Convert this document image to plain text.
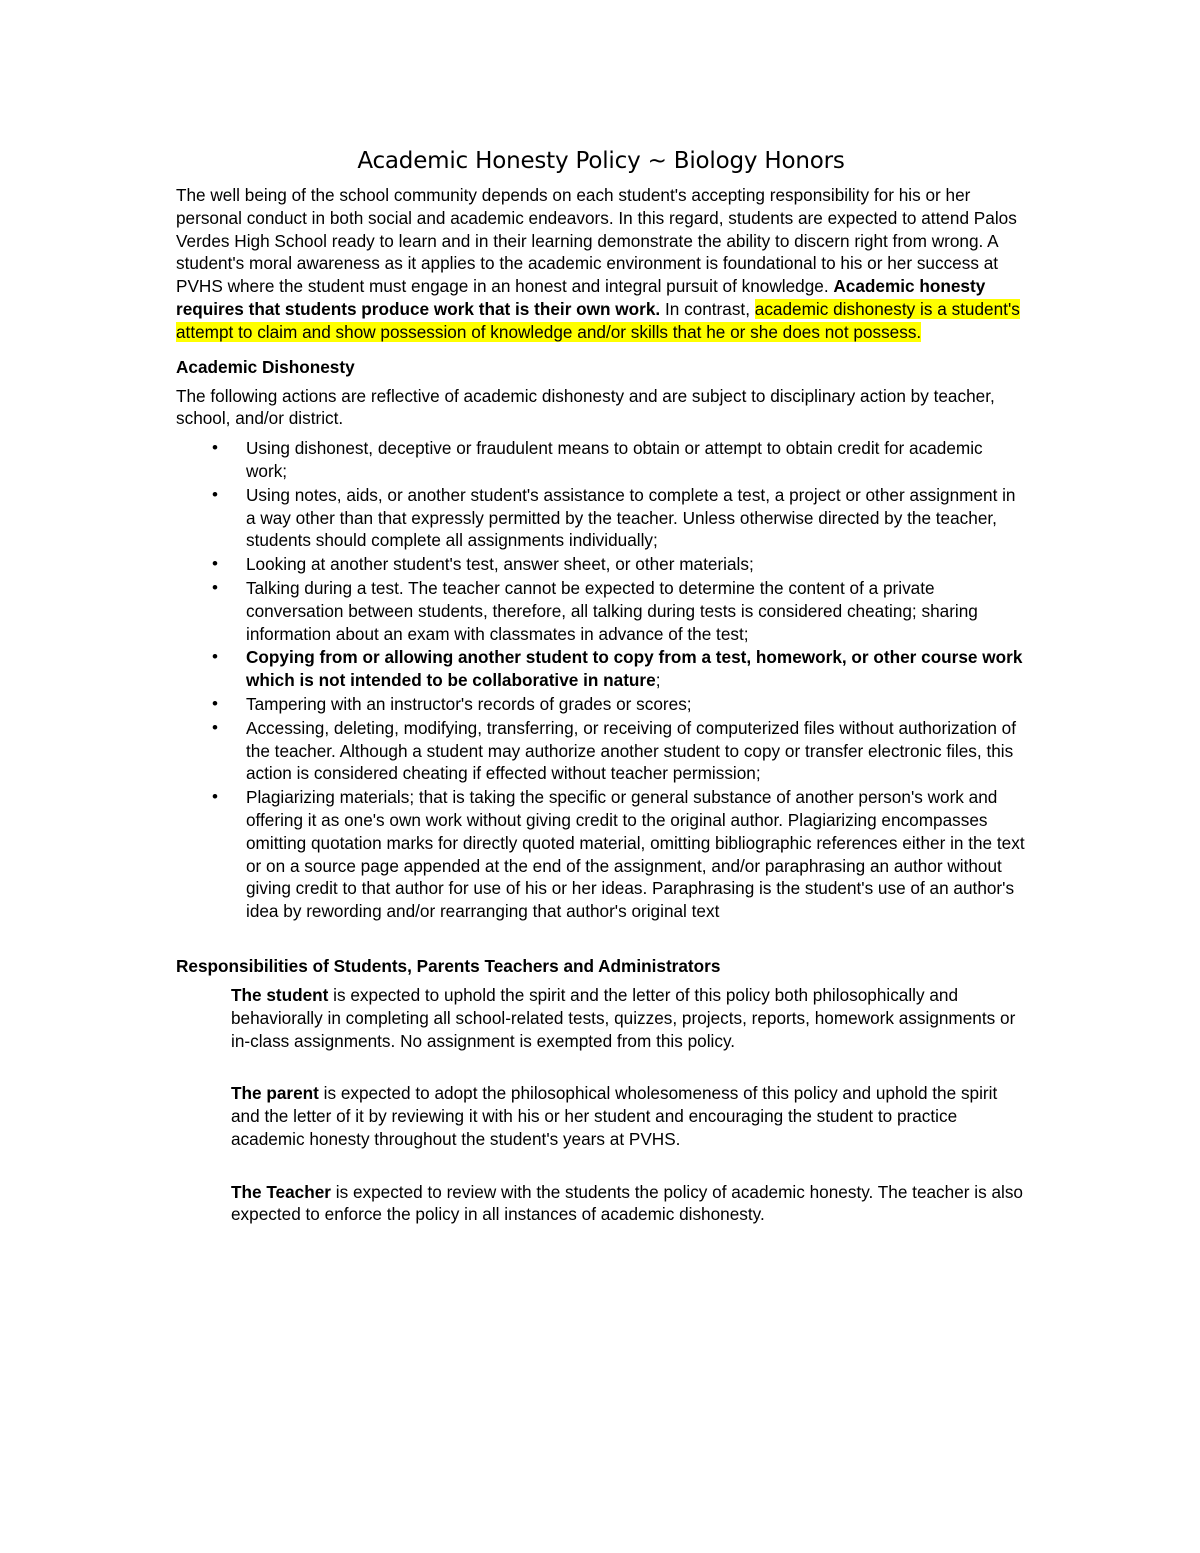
Academic Honesty Policy ~ Biology Honors

The well being of the school community depends on each student's accepting responsibility for his or her personal conduct in both social and academic endeavors. In this regard, students are expected to attend Palos Verdes High School ready to learn and in their learning demonstrate the ability to discern right from wrong. A student's moral awareness as it applies to the academic environment is foundational to his or her success at PVHS where the student must engage in an honest and integral pursuit of knowledge. Academic honesty requires that students produce work that is their own work. In contrast, academic dishonesty is a student's attempt to claim and show possession of knowledge and/or skills that he or she does not possess.

Academic Dishonesty

The following actions are reflective of academic dishonesty and are subject to disciplinary action by teacher, school, and/or district.

• Using dishonest, deceptive or fraudulent means to obtain or attempt to obtain credit for academic work;
• Using notes, aids, or another student's assistance to complete a test, a project or other assignment in a way other than that expressly permitted by the teacher. Unless otherwise directed by the teacher, students should complete all assignments individually;
• Looking at another student's test, answer sheet, or other materials;
• Talking during a test. The teacher cannot be expected to determine the content of a private conversation between students, therefore, all talking during tests is considered cheating; sharing information about an exam with classmates in advance of the test;
• Copying from or allowing another student to copy from a test, homework, or other course work which is not intended to be collaborative in nature;
• Tampering with an instructor's records of grades or scores;
• Accessing, deleting, modifying, transferring, or receiving of computerized files without authorization of the teacher. Although a student may authorize another student to copy or transfer electronic files, this action is considered cheating if effected without teacher permission;
• Plagiarizing materials; that is taking the specific or general substance of another person's work and offering it as one's own work without giving credit to the original author. Plagiarizing encompasses omitting quotation marks for directly quoted material, omitting bibliographic references either in the text or on a source page appended at the end of the assignment, and/or paraphrasing an author without giving credit to that author for use of his or her ideas. Paraphrasing is the student's use of an author's idea by rewording and/or rearranging that author's original text
Responsibilities of Students, Parents Teachers and Administrators

The student is expected to uphold the spirit and the letter of this policy both philosophically and behaviorally in completing all school-related tests, quizzes, projects, reports, homework assignments or in-class assignments. No assignment is exempted from this policy.

The parent is expected to adopt the philosophical wholesomeness of this policy and uphold the spirit and the letter of it by reviewing it with his or her student and encouraging the student to practice academic honesty throughout the student's years at PVHS.

The Teacher is expected to review with the students the policy of academic honesty. The teacher is also expected to enforce the policy in all instances of academic dishonesty.
